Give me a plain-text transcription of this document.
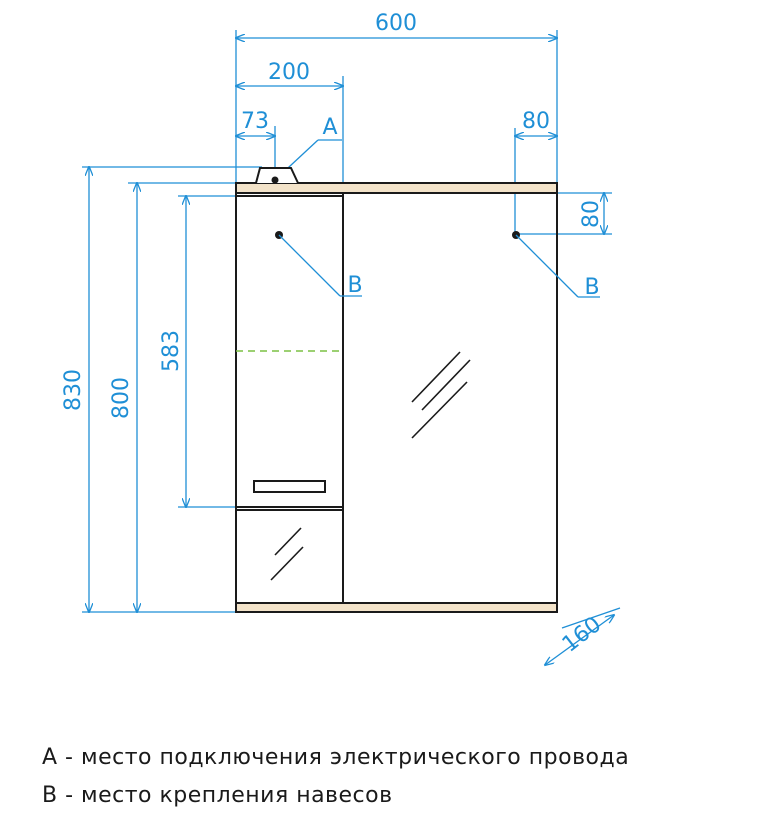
600
200
73 A	80
80
830 800
583
160
B	B
A - место подключения электрического провода
B - место крепления навесов
